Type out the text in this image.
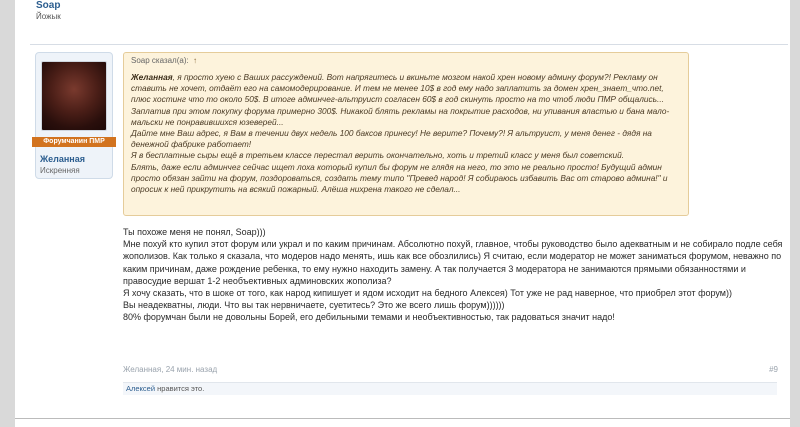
Soap
Йожык
Форумчанин ПМР
Желанная
Искренняя
Soap сказал(а): ↑

Желанная, я просто хуею с Ваших рассуждений. Вот напрягитесь и вкиньте мозгом накой хрен новому админу форум?! Рекламу он ставить не хочет, отдаёт его на самомодерирование. И тем не менее 10$ в год ему надо заплатить за домен хрен_знает_что.net, плюс хостинг что то около 50$. В итоге админчег-альтруист согласен 60$ в год скинуть просто на то чтоб люди ПМР общались... Заплатив при этом покупку форума примерно 300$. Никакой блять рекламы на покрытие расходов, ни упивания властью и бана мало-мальски не понравившихся юзеверей...

Дайте мне Ваш адрес, я Вам в течении двух недель 100 баксов принесу! Не верите? Почему?! Я альтруист, у меня денег - дядя на денежной фабрике работает!

Я в бесплатные сыры ещё в третьем классе перестал верить окончательно, хоть и третий класс у меня был советский.

Блять, даже если админчег сейчас ищет лоха который купил бы форум не глядя на него, то это не реально просто! Будущий админ просто обязан зайти на форум, поздороваться, создать тему типо "Превед народ! Я собираюсь избавить Вас от старово админа!" и опросик к ней прикрутить на всякий пожарный. Алёша нихрена такого не сделал...

Ты похоже меня не понял, Soap)))

Мне похуй кто купил этот форум или украл и по каким причинам. Абсолютно похуй, главное, чтобы руководство было адекватным и не собирало подле себя жополизов. Как только я сказала, что модеров надо менять, ишь как все обозлились) Я считаю, если модератор не может заниматься форумом, неважно по каким причинам, даже рождение ребенка, то ему нужно находить замену. А так получается 3 модератора не занимаются прямыми обязанностями и правосудие вершат 1-2 необъективных админовских жополиза?

Я хочу сказать, что в шоке от того, как народ кипишует и ядом исходит на бедного Алексея) Тот уже не рад наверное, что приобрел этот форум))

Вы неадекватны, люди. Что вы так нервничаете, суетитесь? Это же всего лишь форум))))))

80% форумчан были не довольны Борей, его дебильными темами и необъективностью, так радоваться значит надо!

Желанная, 24 мин. назад	#9
Алексей нравится это.
